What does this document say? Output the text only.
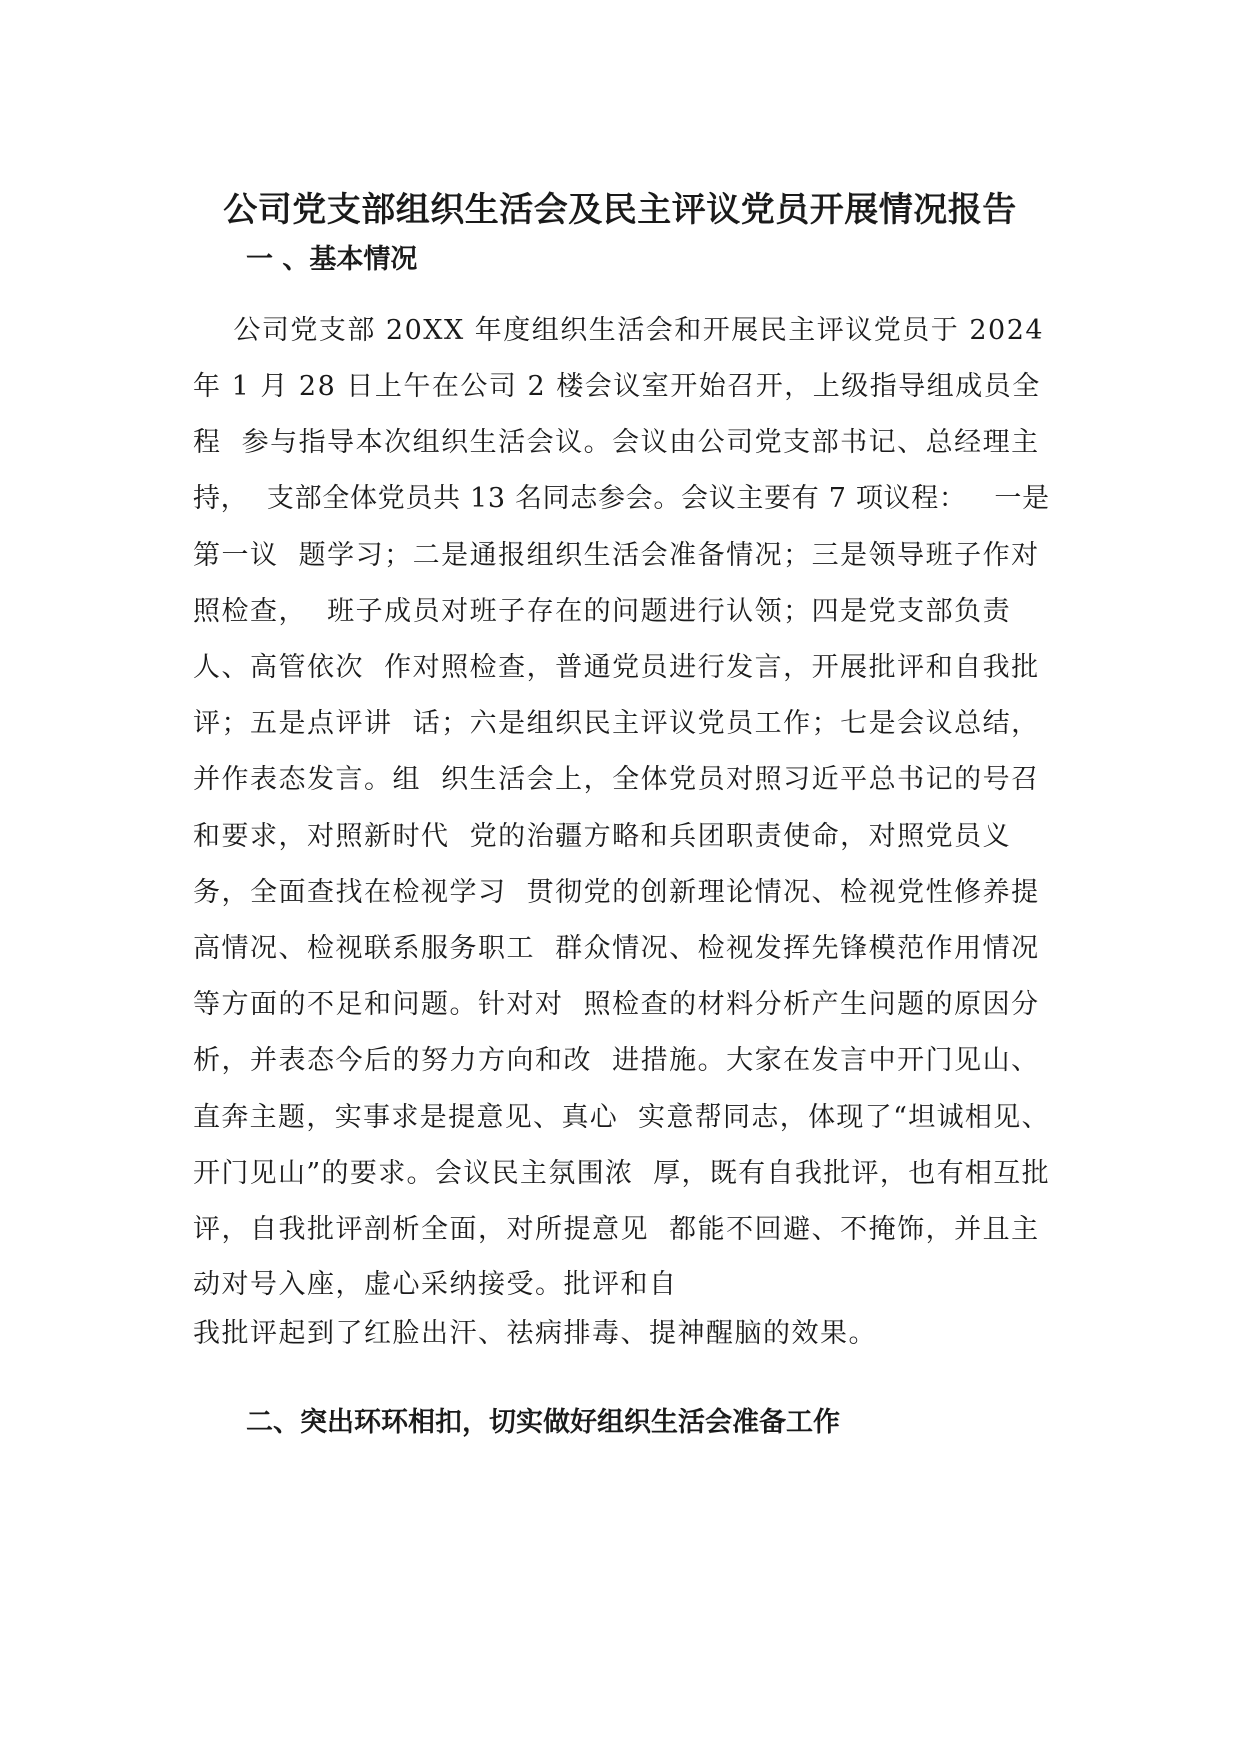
公司党支部组织生活会及民主评议党员开展情况报告
一 、基本情况
公司党支部 20XX 年度组织生活会和开展民主评议党员于 2024
年 1 月 28 日上午在公司 2 楼会议室开始召开，上级指导组成员全
程  参与指导本次组织生活会议。会议由公司党支部书记、总经理主
持，  支部全体党员共 13 名同志参会。会议主要有 7 项议程：   一是
第一议  题学习；二是通报组织生活会准备情况；三是领导班子作对
照检查，  班子成员对班子存在的问题进行认领；四是党支部负责
人、高管依次  作对照检查，普通党员进行发言，开展批评和自我批
评；五是点评讲  话；六是组织民主评议党员工作；七是会议总结，
并作表态发言。组  织生活会上，全体党员对照习近平总书记的号召
和要求，对照新时代  党的治疆方略和兵团职责使命，对照党员义
务，全面查找在检视学习  贯彻党的创新理论情况、检视党性修养提
高情况、检视联系服务职工  群众情况、检视发挥先锋模范作用情况
等方面的不足和问题。针对对  照检查的材料分析产生问题的原因分
析，并表态今后的努力方向和改  进措施。大家在发言中开门见山、
直奔主题，实事求是提意见、真心  实意帮同志，体现了“坦诚相见、
开门见山”的要求。会议民主氛围浓  厚，既有自我批评，也有相互批
评，自我批评剖析全面，对所提意见  都能不回避、不掩饰，并且主
动对号入座，虚心采纳接受。批评和自
我批评起到了红脸出汗、祛病排毒、提神醒脑的效果。
二、突出环环相扣，切实做好组织生活会准备工作
